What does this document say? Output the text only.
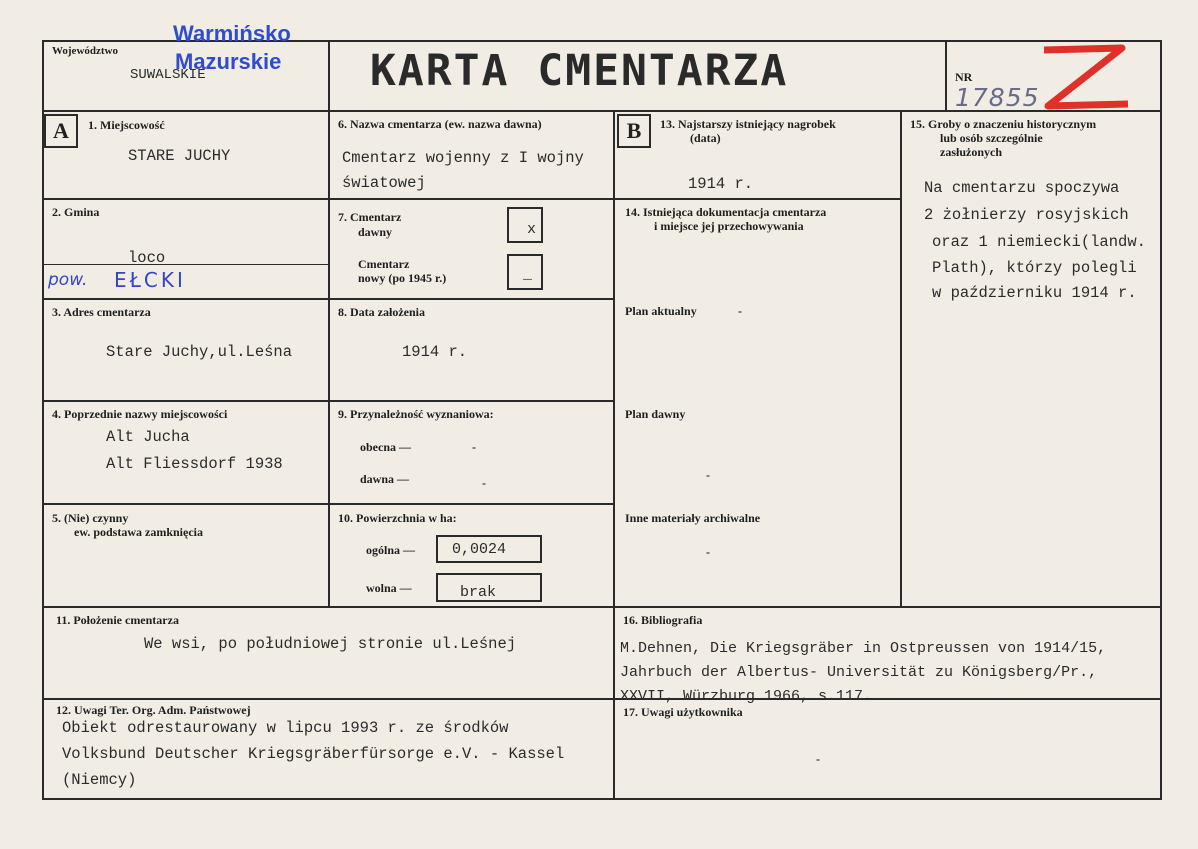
Województwo
SUWALSKIE
Warmińsko
Mazurskie KARTA CMENTARZA	NR
17855
A	1. Miejscowość
STARE JUCHY
2. Gmina
loco
pow. EŁCKI
3. Adres cmentarza
Stare Juchy,ul.Leśna
4. Poprzednie nazwy miejscowości
Alt Jucha
Alt Fliessdorf 1938
5. (Nie) czynny
ew. podstawa zamknięcia
6. Nazwa cmentarza (ew. nazwa dawna)
Cmentarz wojenny z I wojny
światowej
7. Cmentarz
dawny	x
Cmentarz
nowy (po 1945 r.)	_
8. Data założenia
1914 r.
9. Przynależność wyznaniowa:
obecna —	-
dawna —	-
10. Powierzchnia w ha:
ogólna — 0,0024
wolna —	brak
B	13. Najstarszy istniejący nagrobek
(data)
1914 r.
14. Istniejąca dokumentacja cmentarza
i miejsce jej przechowywania
Plan aktualny	-
Plan dawny
-
Inne materiały archiwalne
-
15. Groby o znaczeniu historycznym
lub osób szczególnie
zasłużonych
Na cmentarzu spoczywa
2 żołnierzy rosyjskich
oraz 1 niemiecki(landw.
Plath), którzy polegli
w październiku 1914 r.
11. Położenie cmentarza
We wsi, po południowej stronie ul.Leśnej
16. Bibliografia
M.Dehnen, Die Kriegsgräber in Ostpreussen von 1914/15,
Jahrbuch der Albertus- Universität zu Königsberg/Pr.,
XXVII, Würzburg 1966, s.117.
12. Uwagi Ter. Org. Adm. Państwowej
Obiekt odrestaurowany w lipcu 1993 r. ze środków
Volksbund Deutscher Kriegsgräberfürsorge e.V. - Kassel
(Niemcy)
17. Uwagi użytkownika
-
